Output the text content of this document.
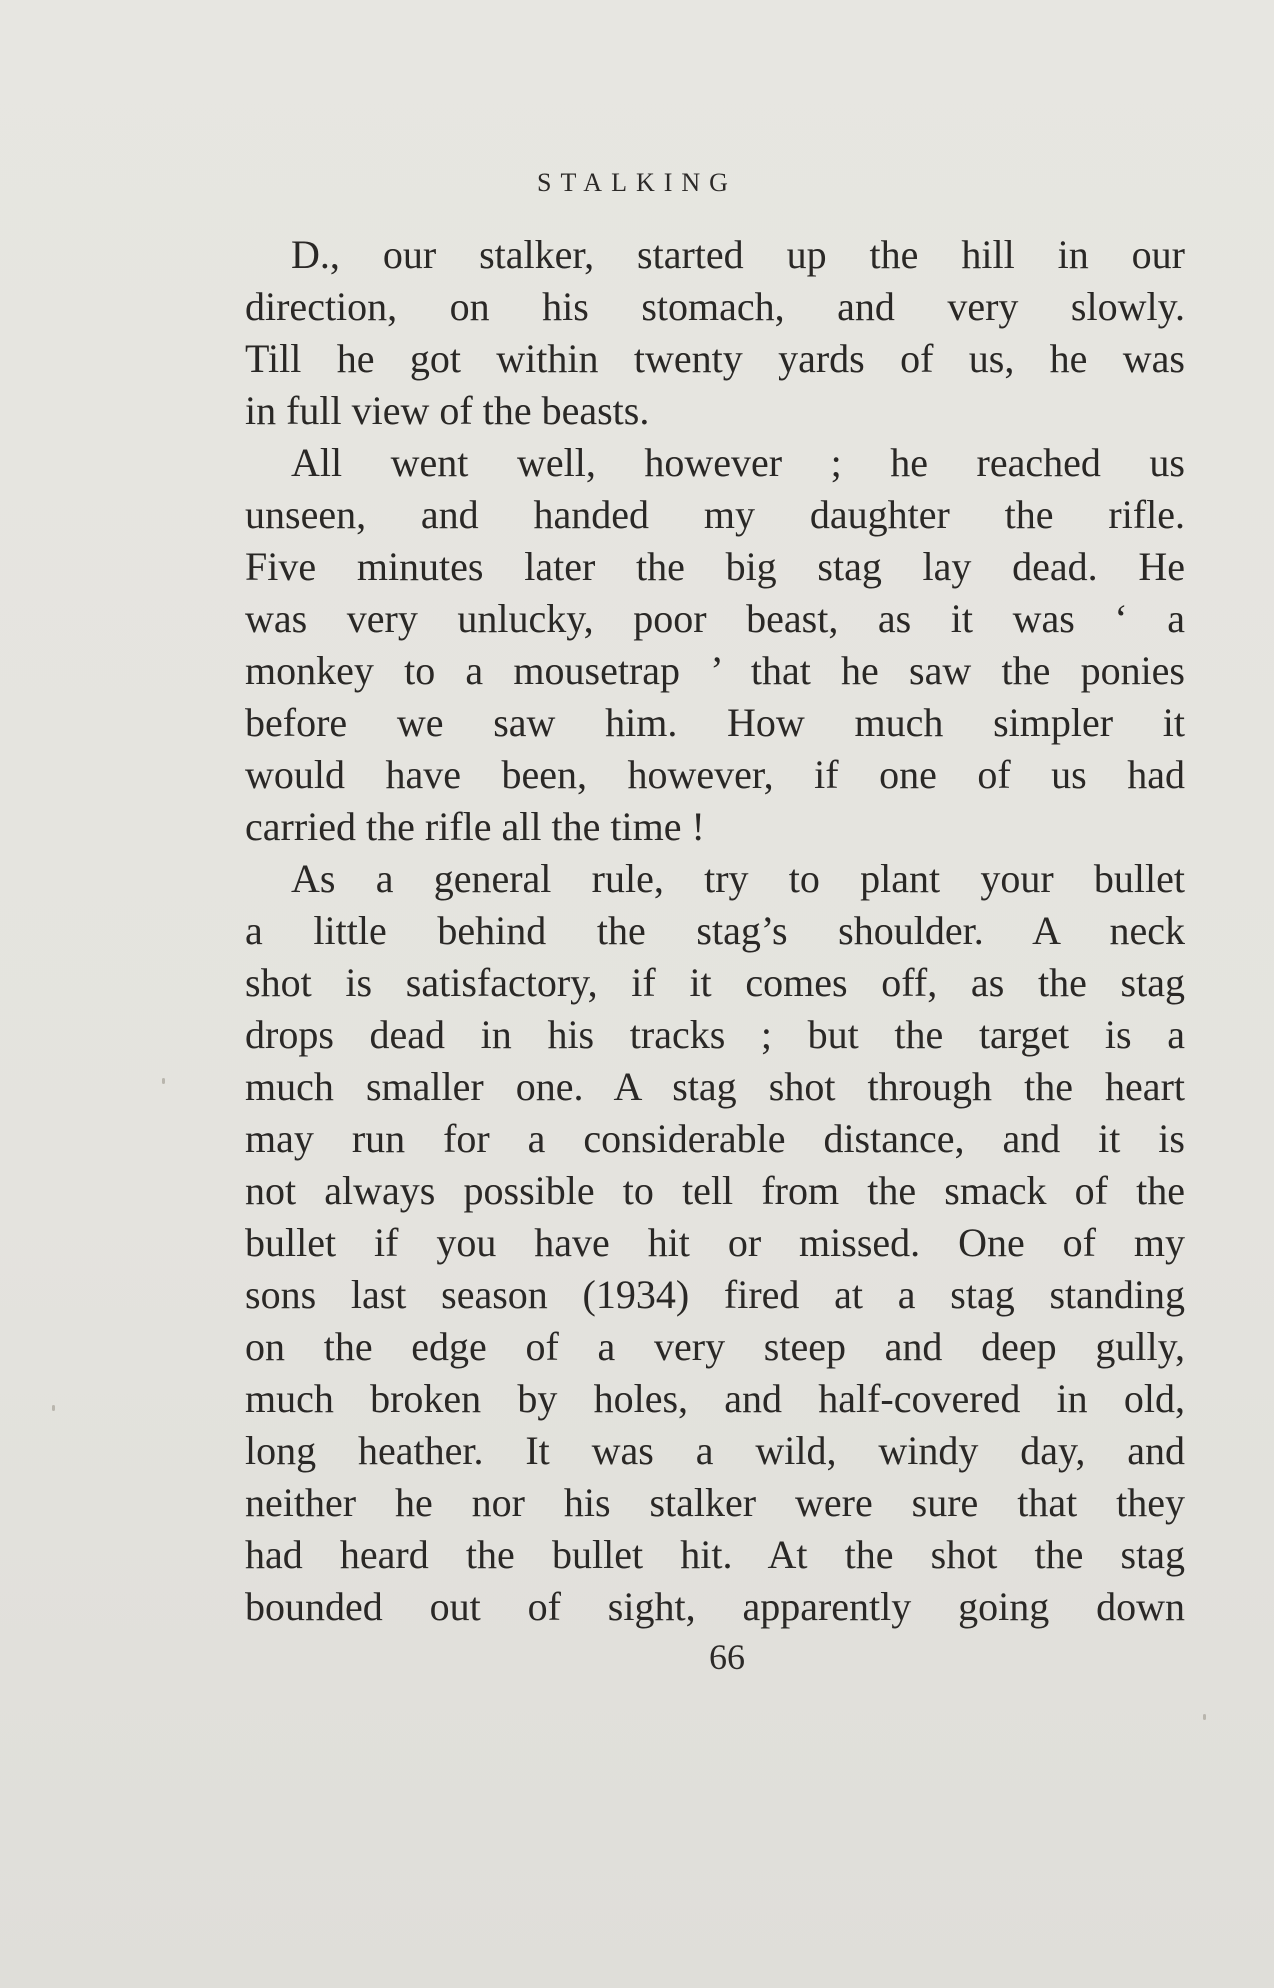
STALKING
D., our stalker, started up the hill in our
direction, on his stomach, and very slowly.
Till he got within twenty yards of us, he was
in full view of the beasts.
All went well, however ; he reached us
unseen, and handed my daughter the rifle.
Five minutes later the big stag lay dead. He
was very unlucky, poor beast, as it was ‘ a
monkey to a mousetrap ’ that he saw the ponies
before we saw him. How much simpler it
would have been, however, if one of us had
carried the rifle all the time !
As a general rule, try to plant your bullet
a little behind the stag’s shoulder. A neck
shot is satisfactory, if it comes off, as the stag
drops dead in his tracks ; but the target is a
much smaller one. A stag shot through the heart
may run for a considerable distance, and it is
not always possible to tell from the smack of the
bullet if you have hit or missed. One of my
sons last season (1934) fired at a stag standing
on the edge of a very steep and deep gully,
much broken by holes, and half-covered in old,
long heather. It was a wild, windy day, and
neither he nor his stalker were sure that they
had heard the bullet hit. At the shot the stag
bounded out of sight, apparently going down
66
